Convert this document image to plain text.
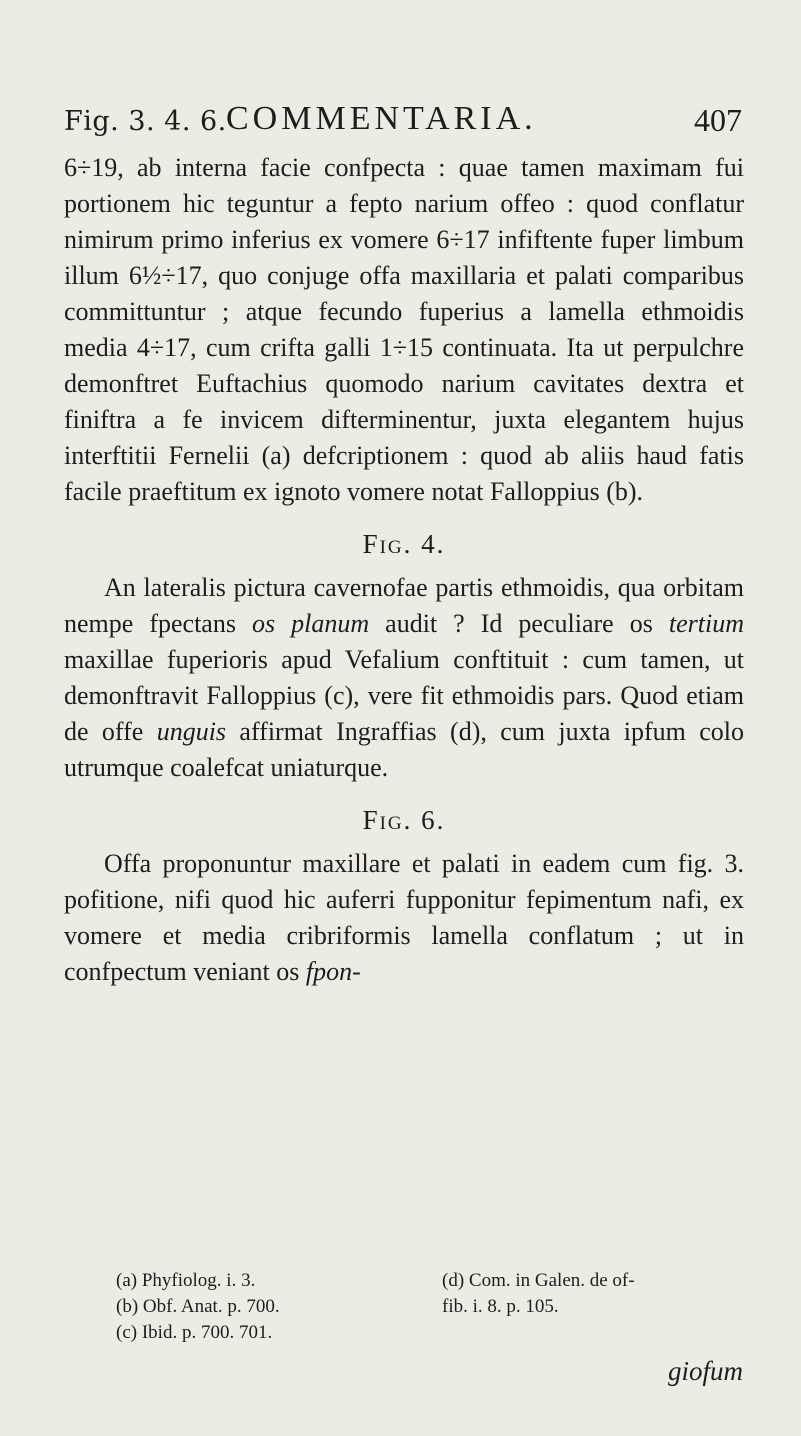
Fig. 3. 4. 6. COMMENTARIA.	407

6÷19, ab interna facie confpecta : quae tamen maximam fui portionem hic teguntur a fepto narium offeo : quod conflatur nimirum primo inferius ex vomere 6÷17 infiftente fuper limbum illum 6½÷17, quo conjuge offa maxillaria et palati comparibus committuntur ; atque fecundo fuperius a lamella ethmoidis media 4÷17, cum crifta galli 1÷15 continuata. Ita ut perpulchre demonftret Euftachius quomodo narium cavitates dextra et finiftra a fe invicem difterminentur, juxta elegantem hujus interftitii Fernelii (a) defcriptionem : quod ab aliis haud fatis facile praeftitum ex ignoto vomere notat Falloppius (b).

Fig. 4.

An lateralis pictura cavernofae partis ethmoidis, qua orbitam nempe fpectans os planum audit ? Id peculiare os tertium maxillae fuperioris apud Vefalium conftituit : cum tamen, ut demonftravit Falloppius (c), vere fit ethmoidis pars. Quod etiam de offe unguis affirmat Ingraffias (d), cum juxta ipfum colo utrumque coalefcat uniaturque.

Fig. 6.

Offa proponuntur maxillare et palati in eadem cum fig. 3. pofitione, nifi quod hic auferri fupponitur fepimentum nafi, ex vomere et media cribriformis lamella conflatum ; ut in confpectum veniant os fpon-

(a) Phyfiolog. i. 3.
(b) Obf. Anat. p. 700.
(c) Ibid. p. 700. 701.
(d) Com. in Galen. de of-
fib. i. 8. p. 105.
giofum
